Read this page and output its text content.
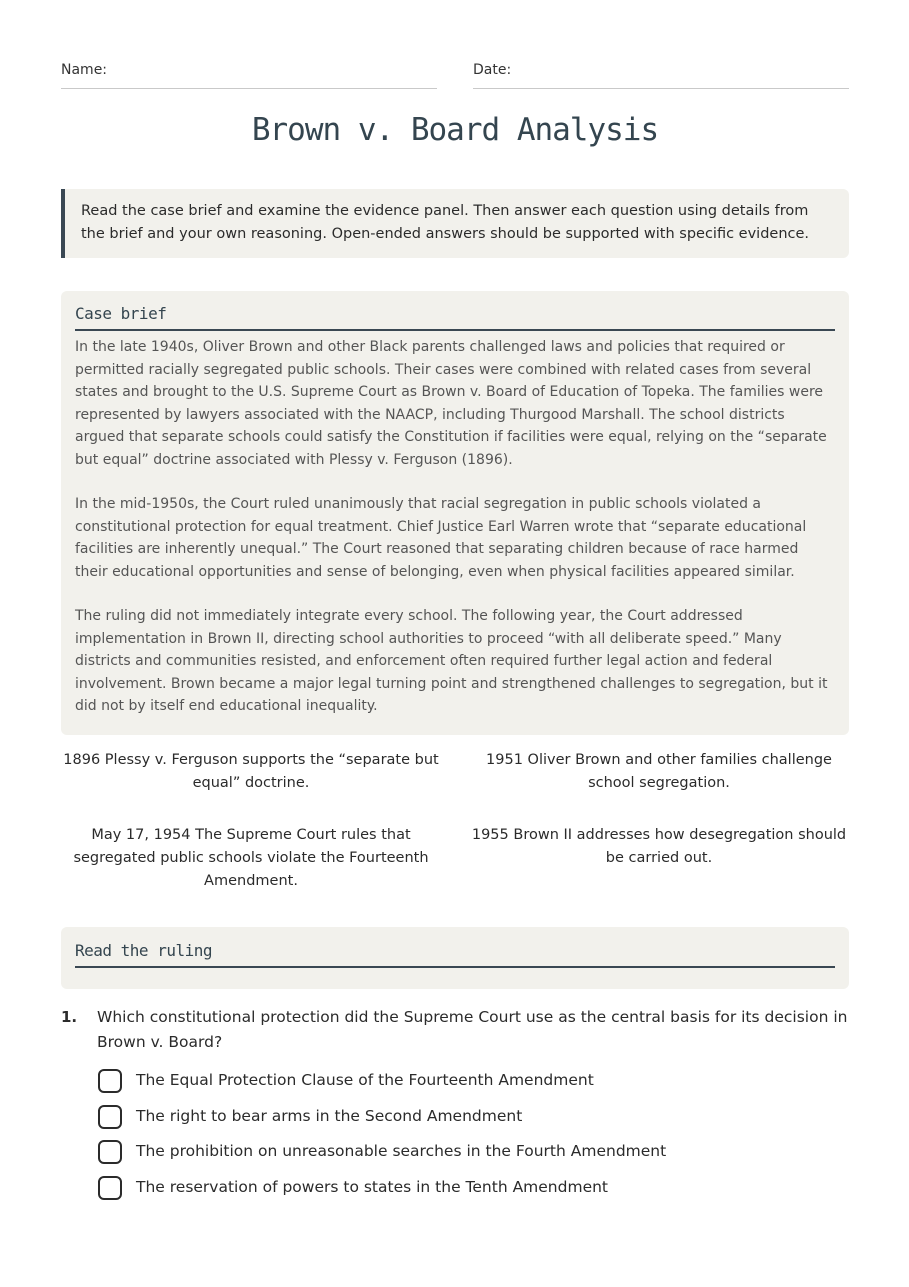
Name:	Date:
Brown v. Board Analysis
Read the case brief and examine the evidence panel. Then answer each question using details from the brief and your own reasoning. Open-ended answers should be supported with specific evidence.
Case brief

In the late 1940s, Oliver Brown and other Black parents challenged laws and policies that required or permitted racially segregated public schools. Their cases were combined with related cases from several states and brought to the U.S. Supreme Court as Brown v. Board of Education of Topeka. The families were represented by lawyers associated with the NAACP, including Thurgood Marshall. The school districts argued that separate schools could satisfy the Constitution if facilities were equal, relying on the “separate but equal” doctrine associated with Plessy v. Ferguson (1896).

In the mid-1950s, the Court ruled unanimously that racial segregation in public schools violated a constitutional protection for equal treatment. Chief Justice Earl Warren wrote that “separate educational facilities are inherently unequal.” The Court reasoned that separating children because of race harmed their educational opportunities and sense of belonging, even when physical facilities appeared similar.

The ruling did not immediately integrate every school. The following year, the Court addressed implementation in Brown II, directing school authorities to proceed “with all deliberate speed.” Many districts and communities resisted, and enforcement often required further legal action and federal involvement. Brown became a major legal turning point and strengthened challenges to segregation, but it did not by itself end educational inequality.

1896 Plessy v. Ferguson supports the “separate but equal” doctrine.
1951 Oliver Brown and other families challenge school segregation.
May 17, 1954 The Supreme Court rules that segregated public schools violate the Fourteenth Amendment.
1955 Brown II addresses how desegregation should be carried out.
Read the ruling
1. Which constitutional protection did the Supreme Court use as the central basis for its decision in Brown v. Board?
The Equal Protection Clause of the Fourteenth Amendment
The right to bear arms in the Second Amendment
The prohibition on unreasonable searches in the Fourth Amendment
The reservation of powers to states in the Tenth Amendment
